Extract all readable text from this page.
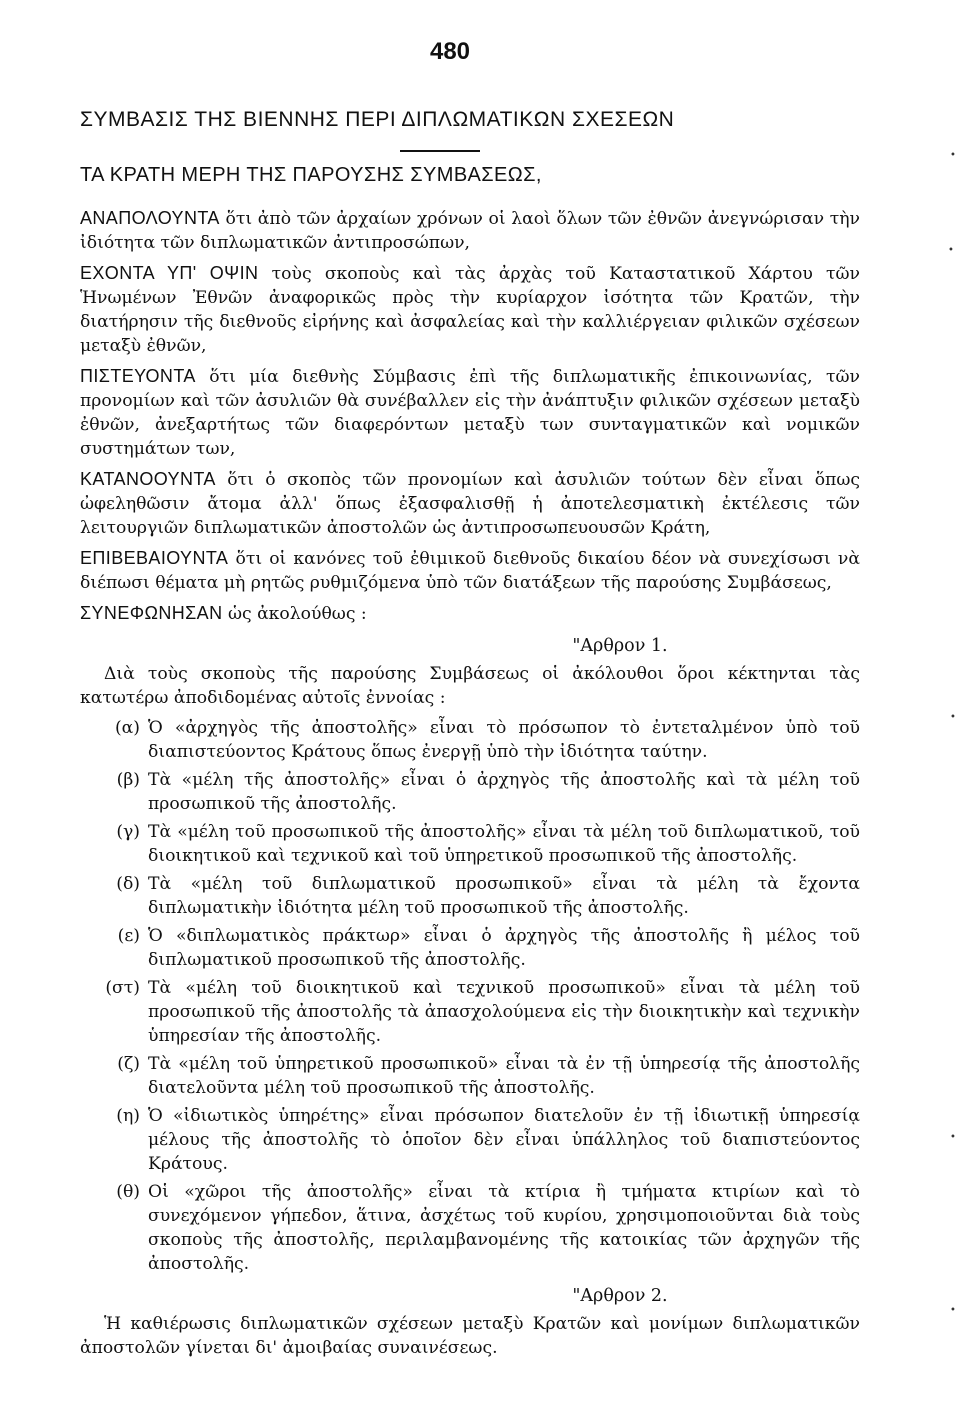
480
ΣΥΜΒΑΣΙΣ ΤΗΣ ΒΙΕΝΝΗΣ ΠΕΡΙ ΔΙΠΛΩΜΑΤΙΚΩΝ ΣΧΕΣΕΩΝ
ΤΑ ΚΡΑΤΗ ΜΕΡΗ ΤΗΣ ΠΑΡΟΥΣΗΣ ΣΥΜΒΑΣΕΩΣ,

ΑΝΑΠΟΛΟΥΝΤΑ ὅτι ἀπὸ τῶν ἀρχαίων χρόνων οἱ λαοὶ ὅλων τῶν ἐθνῶν ἀνεγνώρισαν τὴν ἰδιότητα τῶν διπλωματικῶν ἀντιπροσώπων,

ΕΧΟΝΤΑ ΥΠ' ΟΨΙΝ τοὺς σκοποὺς καὶ τὰς ἀρχὰς τοῦ Καταστατικοῦ Χάρτου τῶν Ἡνωμένων Ἐθνῶν ἀναφορικῶς πρὸς τὴν κυρίαρχον ἰσότητα τῶν Κρατῶν, τὴν διατήρησιν τῆς διεθνοῦς εἰρήνης καὶ ἀσφαλείας καὶ τὴν καλλιέργειαν φιλικῶν σχέσεων μεταξὺ ἐθνῶν,

ΠΙΣΤΕΥΟΝΤΑ ὅτι μία διεθνὴς Σύμβασις ἐπὶ τῆς διπλωματικῆς ἐπικοινωνίας, τῶν προνομίων καὶ τῶν ἀσυλιῶν θὰ συνέβαλλεν εἰς τὴν ἀνάπτυξιν φιλικῶν σχέσεων μεταξὺ ἐθνῶν, ἀνεξαρτήτως τῶν διαφερόντων μεταξὺ των συνταγματικῶν καὶ νομικῶν συστημάτων των,

ΚΑΤΑΝΟΟΥΝΤΑ ὅτι ὁ σκοπὸς τῶν προνομίων καὶ ἀσυλιῶν τούτων δὲν εἶναι ὅπως ὠφεληθῶσιν ἄτομα ἀλλ' ὅπως ἐξασφαλισθῇ ἡ ἀποτελεσματικὴ ἐκτέλεσις τῶν λειτουργιῶν διπλωματικῶν ἀποστολῶν ὡς ἀντιπροσωπευουσῶν Κράτη,

ΕΠΙΒΕΒΑΙΟΥΝΤΑ ὅτι οἱ κανόνες τοῦ ἐθιμικοῦ διεθνοῦς δικαίου δέον νὰ συνεχίσωσι νὰ διέπωσι θέματα μὴ ρητῶς ρυθμιζόμενα ὑπὸ τῶν διατάξεων τῆς παρούσης Συμβάσεως,

ΣΥΝΕΦΩΝΗΣΑΝ ὡς ἀκολούθως :

"Αρθρον 1.

Διὰ τοὺς σκοποὺς τῆς παρούσης Συμβάσεως οἱ ἀκόλουθοι ὅροι κέκτηνται τὰς κατωτέρω ἀποδιδομένας αὐτοῖς ἐννοίας :

(α) Ὁ «ἀρχηγὸς τῆς ἀποστολῆς» εἶναι τὸ πρόσωπον τὸ ἐντεταλμένον ὑπὸ τοῦ διαπιστεύοντος Κράτους ὅπως ἐνεργῇ ὑπὸ τὴν ἰδιότητα ταύτην.
(β) Τὰ «μέλη τῆς ἀποστολῆς» εἶναι ὁ ἀρχηγὸς τῆς ἀποστολῆς καὶ τὰ μέλη τοῦ προσωπικοῦ τῆς ἀποστολῆς.
(γ) Τὰ «μέλη τοῦ προσωπικοῦ τῆς ἀποστολῆς» εἶναι τὰ μέλη τοῦ διπλωματικοῦ, τοῦ διοικητικοῦ καὶ τεχνικοῦ καὶ τοῦ ὑπηρετικοῦ προσωπικοῦ τῆς ἀποστολῆς.
(δ) Τὰ «μέλη τοῦ διπλωματικοῦ προσωπικοῦ» εἶναι τὰ μέλη τὰ ἔχοντα διπλωματικὴν ἰδιότητα μέλη τοῦ προσωπικοῦ τῆς ἀποστολῆς.
(ε) Ὁ «διπλωματικὸς πράκτωρ» εἶναι ὁ ἀρχηγὸς τῆς ἀποστολῆς ἢ μέλος τοῦ διπλωματικοῦ προσωπικοῦ τῆς ἀποστολῆς.
(στ) Τὰ «μέλη τοῦ διοικητικοῦ καὶ τεχνικοῦ προσωπικοῦ» εἶναι τὰ μέλη τοῦ προσωπικοῦ τῆς ἀποστολῆς τὰ ἀπασχολούμενα εἰς τὴν διοικητικὴν καὶ τεχνικὴν ὑπηρεσίαν τῆς ἀποστολῆς.
(ζ) Τὰ «μέλη τοῦ ὑπηρετικοῦ προσωπικοῦ» εἶναι τὰ ἐν τῇ ὑπηρεσίᾳ τῆς ἀποστολῆς διατελοῦντα μέλη τοῦ προσωπικοῦ τῆς ἀποστολῆς.
(η) Ὁ «ἰδιωτικὸς ὑπηρέτης» εἶναι πρόσωπον διατελοῦν ἐν τῇ ἰδιωτικῇ ὑπηρεσίᾳ μέλους τῆς ἀποστολῆς τὸ ὁποῖον δὲν εἶναι ὑπάλληλος τοῦ διαπιστεύοντος Κράτους.
(θ) Οἱ «χῶροι τῆς ἀποστολῆς» εἶναι τὰ κτίρια ἢ τμήματα κτιρίων καὶ τὸ συνεχόμενον γήπεδον, ἅτινα, ἀσχέτως τοῦ κυρίου, χρησιμοποιοῦνται διὰ τοὺς σκοποὺς τῆς ἀποστολῆς, περιλαμβανομένης τῆς κατοικίας τῶν ἀρχηγῶν τῆς ἀποστολῆς.
"Αρθρον 2.

Ἡ καθιέρωσις διπλωματικῶν σχέσεων μεταξὺ Κρατῶν καὶ μονίμων διπλωματικῶν ἀποστολῶν γίνεται δι' ἀμοιβαίας συναινέσεως.

•
•
•
•
•
